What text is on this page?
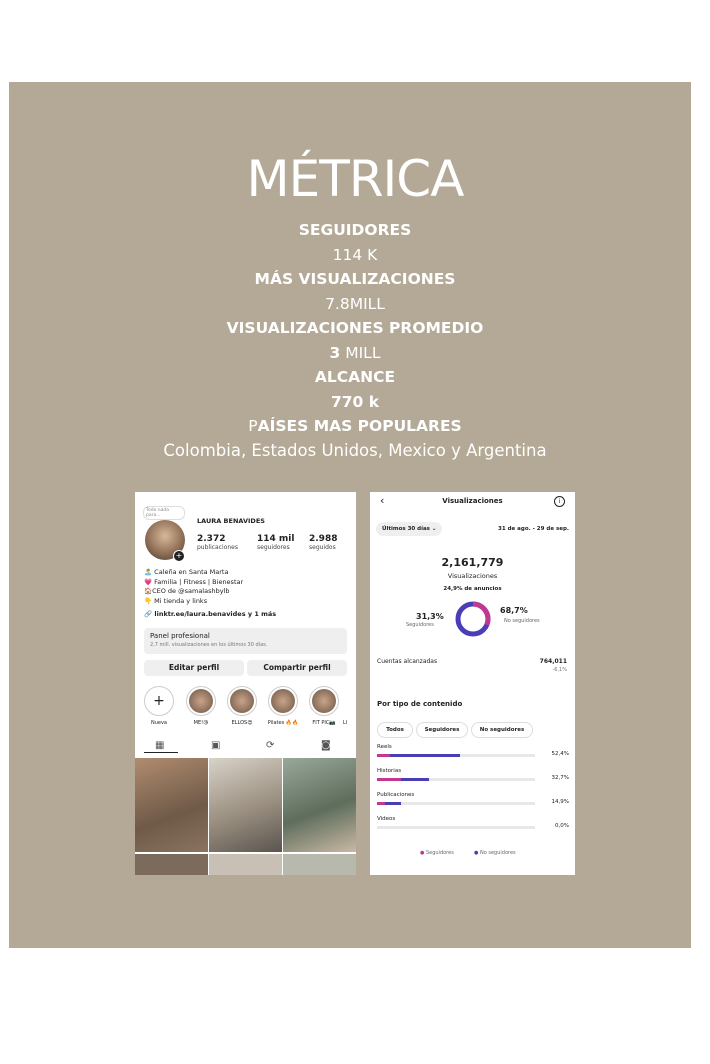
MÉTRICA
SEGUIDORES
114 K
MÁS VISUALIZACIONES
7.8MILL
VISUALIZACIONES PROMEDIO
3 MILL
ALCANCE
770 k
PAÍSES MAS POPULARES
Colombia, Estados Unidos, Mexico y Argentina
Todo nada para...
+
LAURA BENAVIDES
2.372
publicaciones
114 mil
seguidores
2.988
seguidos
🏝️ Caleña en Santa Marta
💗 Familia | Fitness | Bienestar
🏠CEO de @samalashbylb
👇 Mi tienda y links
🔗 linktr.ee/laura.benavides y 1 más
Panel profesional
2,7 mill. visualizaciones en los últimos 30 días.
Editar perfil	Compartir perfil
+
Nueva	ME!😘	ELLOS😍	Pilates 🔥🔥	FIT PIC📷	LI
▦	▣	⟳	◙
‹	Visualizaciones	i
Últimos 30 días ⌄	31 de ago. - 29 de sep.
2,161,779
Visualizaciones
24,9% de anuncios
31,3%
Seguidores
68,7%
No seguidores
Cuentas alcanzadas	764,011
-6,1%
Por tipo de contenido
Todos	Seguidores	No seguidores
Reels
52,4%
Historias
32,7%
Publicaciones
14,9%
Videos
0,0%
● Seguidores	● No seguidores
